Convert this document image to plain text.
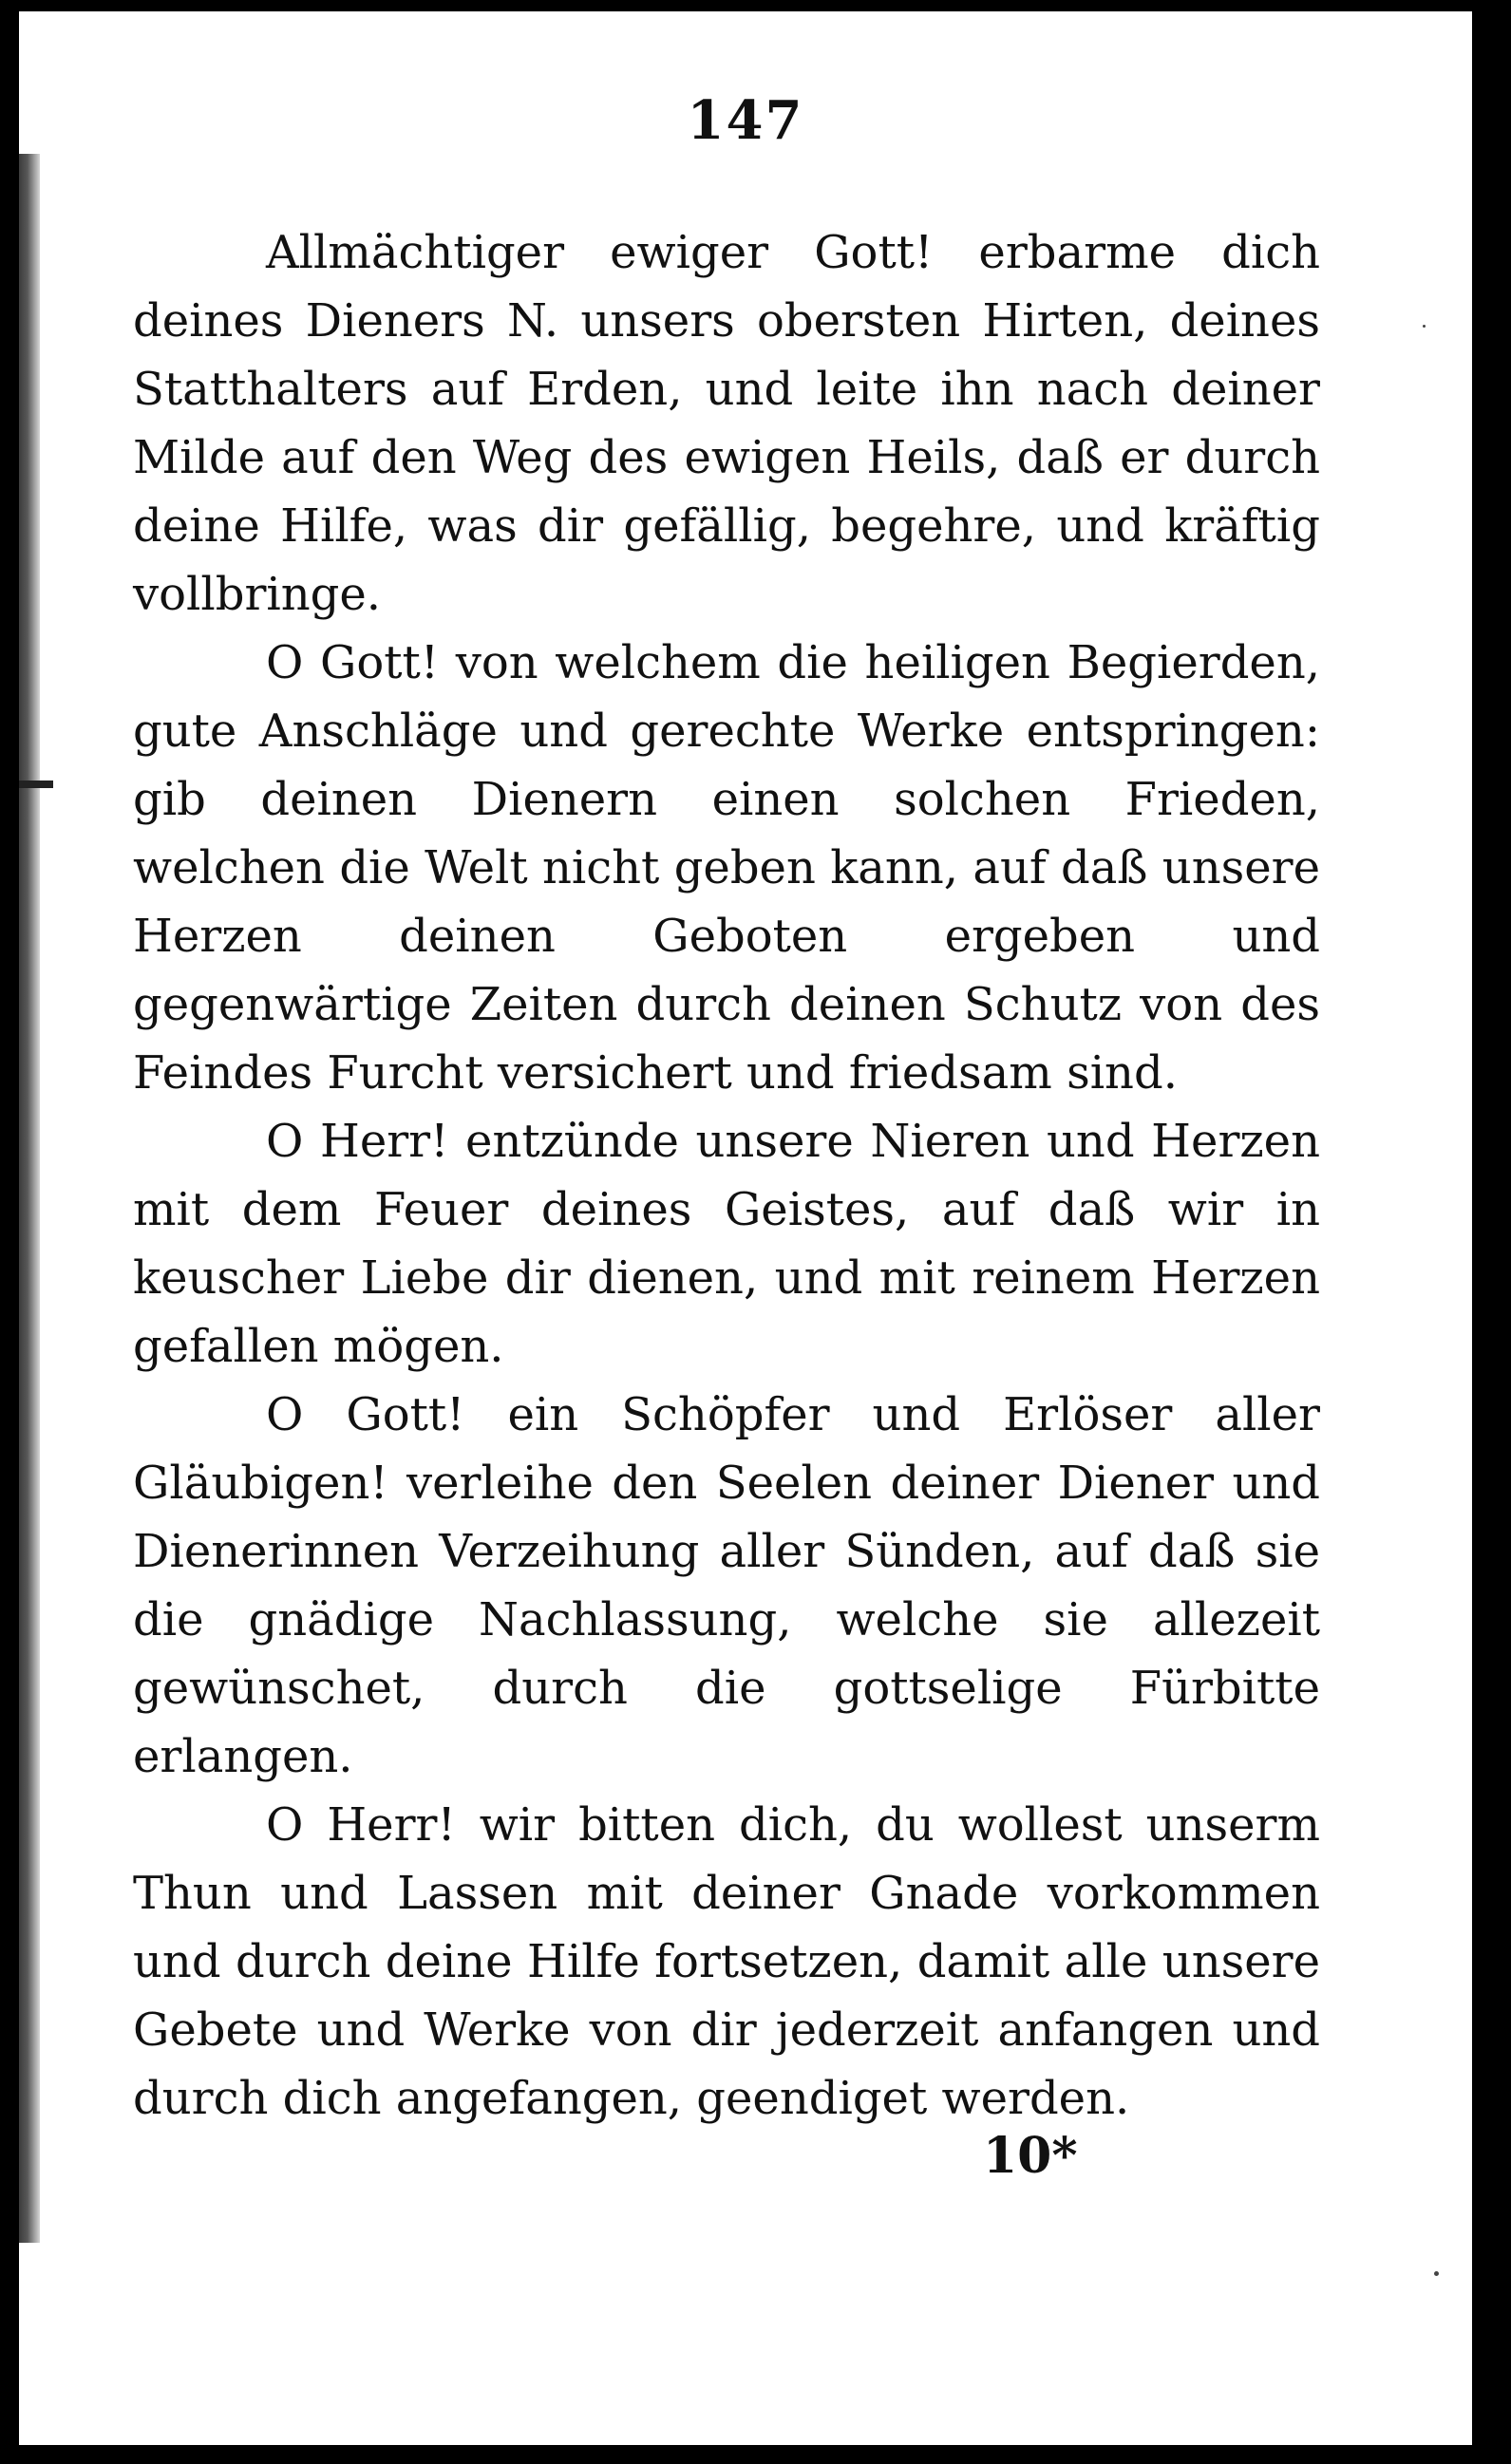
147

Allmächtiger ewiger Gott! erbarme dich deines Dieners N. unsers obersten Hirten, deines Statthalters auf Erden, und leite ihn nach deiner Milde auf den Weg des ewigen Heils, daß er durch deine Hilfe, was dir gefällig, begehre, und kräftig vollbringe.

O Gott! von welchem die heiligen Begierden, gute Anschläge und gerechte Werke entspringen: gib deinen Dienern einen solchen Frieden, welchen die Welt nicht geben kann, auf daß unsere Herzen deinen Geboten ergeben und gegenwärtige Zeiten durch deinen Schutz von des Feindes Furcht versichert und friedsam sind.

O Herr! entzünde unsere Nieren und Herzen mit dem Feuer deines Geistes, auf daß wir in keuscher Liebe dir dienen, und mit reinem Herzen gefallen mögen.

O Gott! ein Schöpfer und Erlöser aller Gläubigen! verleihe den Seelen deiner Diener und Dienerinnen Verzeihung aller Sünden, auf daß sie die gnädige Nachlassung, welche sie allezeit gewünschet, durch die gottselige Fürbitte erlangen.

O Herr! wir bitten dich, du wollest unserm Thun und Lassen mit deiner Gnade vorkommen und durch deine Hilfe fortsetzen, damit alle unsere Gebete und Werke von dir jederzeit anfangen und durch dich angefangen, geendiget werden.

10*
